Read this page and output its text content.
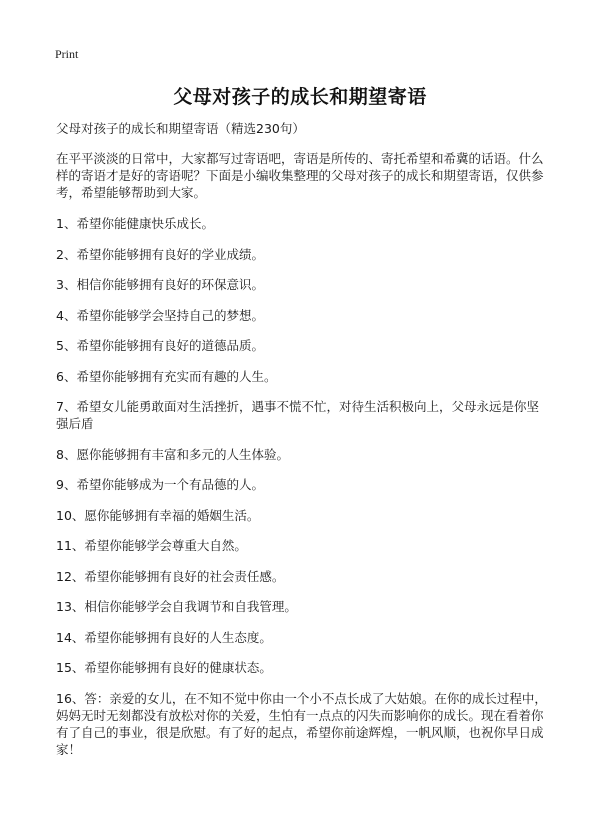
Print
父母对孩子的成长和期望寄语

父母对孩子的成长和期望寄语（精选230句）

在平平淡淡的日常中，大家都写过寄语吧，寄语是所传的、寄托希望和希冀的话语。什么样的寄语才是好的寄语呢？下面是小编收集整理的父母对孩子的成长和期望寄语，仅供参考，希望能够帮助到大家。

1、希望你能健康快乐成长。

2、希望你能够拥有良好的学业成绩。

3、相信你能够拥有良好的环保意识。

4、希望你能够学会坚持自己的梦想。

5、希望你能够拥有良好的道德品质。

6、希望你能够拥有充实而有趣的人生。

7、希望女儿能勇敢面对生活挫折，遇事不慌不忙，对待生活积极向上，父母永远是你坚强后盾

8、愿你能够拥有丰富和多元的人生体验。

9、希望你能够成为一个有品德的人。

10、愿你能够拥有幸福的婚姻生活。

11、希望你能够学会尊重大自然。

12、希望你能够拥有良好的社会责任感。

13、相信你能够学会自我调节和自我管理。

14、希望你能够拥有良好的人生态度。

15、希望你能够拥有良好的健康状态。

16、答：亲爱的女儿，在不知不觉中你由一个小不点长成了大姑娘。在你的成长过程中，妈妈无时无刻都没有放松对你的关爱，生怕有一点点的闪失而影响你的成长。现在看着你有了自己的事业，很是欣慰。有了好的起点，希望你前途辉煌，一帆风顺，也祝你早日成家！
